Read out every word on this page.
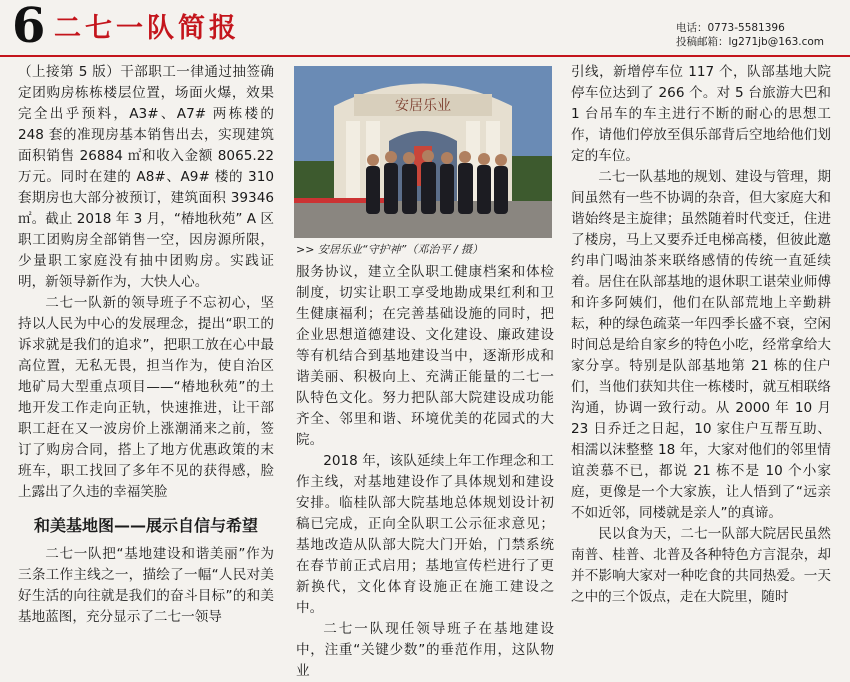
6 二七一队简报	电话：0773-5581396
投稿邮箱：lg271jb@163.com

（上接第 5 版）干部职工一律通过抽签确定团购房栋栋楼层位置，场面火爆，效果完全出乎预料，A3#、A7# 两栋楼的 248 套的准现房基本销售出去，实现建筑面积销售 26884 ㎡和收入金额 8065.22 万元。同时在建的 A8#、A9# 楼的 310 套期房也大部分被预订，建筑面积 39346 ㎡。截止 2018 年 3 月，“椿地秋苑” A 区职工团购房全部销售一空，因房源所限，少量职工家庭没有抽中团购房。实践证明，新领导新作为，大快人心。

二七一队新的领导班子不忘初心，坚持以人民为中心的发展理念，提出“职工的诉求就是我们的追求”，把职工放在心中最高位置，无私无畏，担当作为，使自治区地矿局大型重点项目——“椿地秋苑”的土地开发工作走向正轨，快速推进，让干部职工赶在又一波房价上涨潮涌来之前，签订了购房合同，搭上了地方优惠政策的末班车，职工找回了多年不见的获得感，脸上露出了久违的幸福笑脸

和美基地图——展示自信与希望

二七一队把“基地建设和谐美丽”作为三条工作主线之一，描绘了一幅“人民对美好生活的向往就是我们的奋斗目标”的和美基地蓝图，充分显示了二七一领导

安居乐业
>> 安居乐业“守护神”（邓治平 / 摄）

服务协议，建立全队职工健康档案和体检制度，切实让职工享受地勘成果红利和卫生健康福利；在完善基础设施的同时，把企业思想道德建设、文化建设、廉政建设等有机结合到基地建设当中，逐渐形成和谐美丽、积极向上、充满正能量的二七一队特色文化。努力把队部大院建设成功能齐全、邻里和谐、环境优美的花园式的大院。

2018 年，该队延续上年工作理念和工作主线，对基地建设作了具体规划和建设安排。临桂队部大院基地总体规划设计初稿已完成，正向全队职工公示征求意见；基地改造从队部大院大门开始，门禁系统在春节前正式启用；基地宣传栏进行了更新换代，文化体育设施正在施工建设之中。

二七一队现任领导班子在基地建设中，注重“关键少数”的垂范作用，这队物业

引线，新增停车位 117 个，队部基地大院停车位达到了 266 个。对 5 台旅游大巴和 1 台吊车的车主进行不断的耐心的思想工作，请他们停放至俱乐部背后空地给他们划定的车位。

二七一队基地的规划、建设与管理，期间虽然有一些不协调的杂音，但大家庭大和谐始终是主旋律；虽然随着时代变迁，住进了楼房，马上又要乔迁电梯高楼，但彼此邀约串门喝油茶来联络感情的传统一直延续着。居住在队部基地的退休职工谌荣业师傅和许多阿姨们，他们在队部荒地上辛勤耕耘，种的绿色疏菜一年四季长盛不衰，空闲时间总是给自家乡的特色小吃，经常拿给大家分享。特别是队部基地第 21 栋的住户们，当他们获知共住一栋楼时，就互相联络沟通，协调一致行动。从 2000 年 10 月 23 日乔迁之日起，10 家住户互帮互助、相濡以沫整整 18 年，大家对他们的邻里情谊羡慕不已，都说 21 栋不是 10 个小家庭，更像是一个大家族，让人悟到了“远亲不如近邻，同楼就是亲人”的真谛。

民以食为天，二七一队部大院居民虽然南普、桂普、北普及各种特色方言混杂，却并不影响大家对一种吃食的共同热爱。一天之中的三个饭点，走在大院里，随时
